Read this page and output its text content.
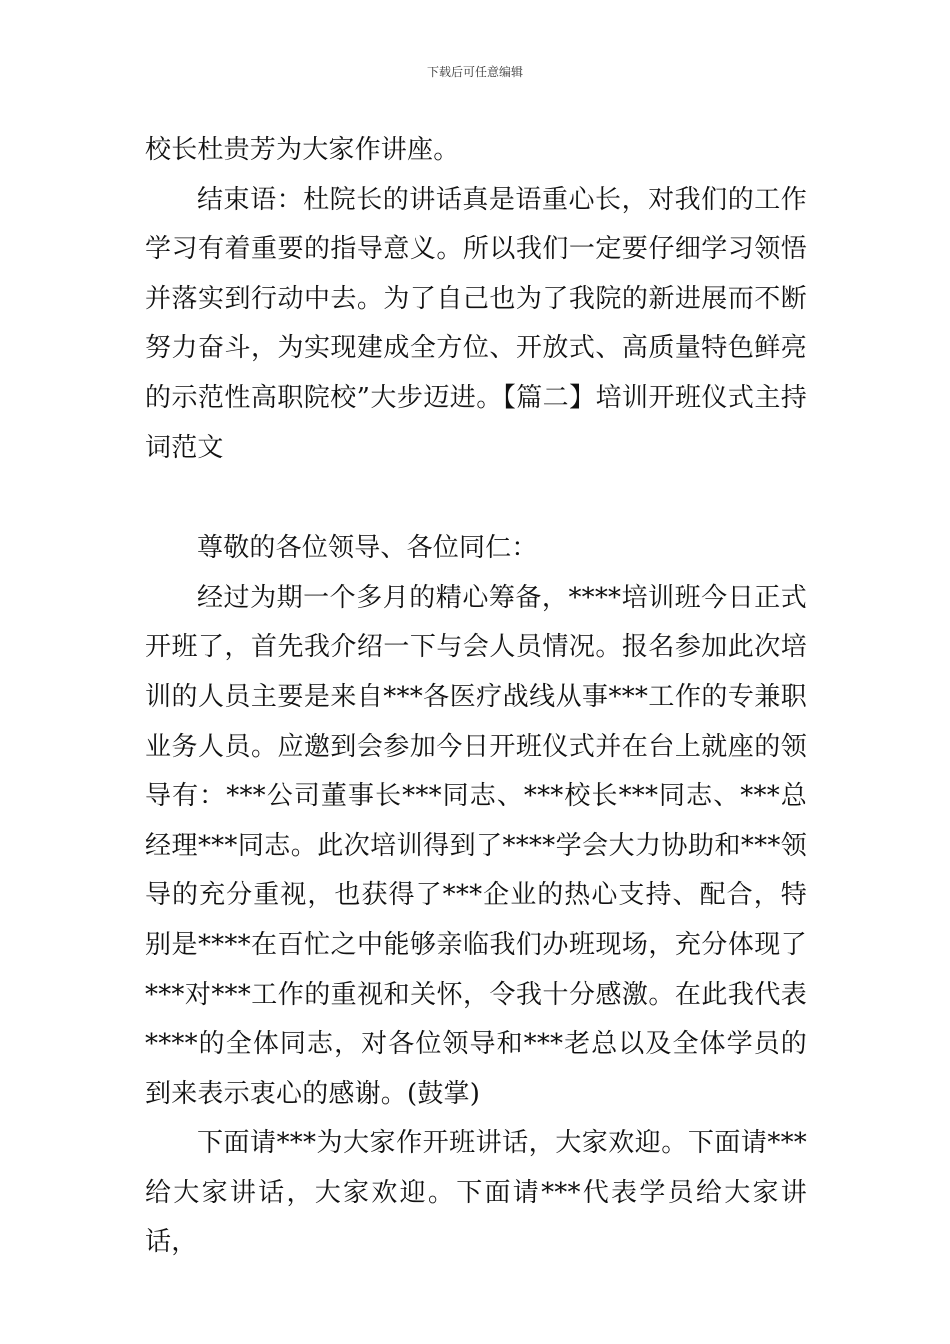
下载后可任意编辑

校长杜贵芳为大家作讲座。

结束语：杜院长的讲话真是语重心长，对我们的工作学习有着重要的指导意义。所以我们一定要仔细学习领悟并落实到行动中去。为了自己也为了我院的新进展而不断努力奋斗，为实现建成全方位、开放式、高质量特色鲜亮的示范性高职院校”大步迈进。【篇二】培训开班仪式主持词范文

尊敬的各位领导、各位同仁：

经过为期一个多月的精心筹备，****培训班今日正式开班了，首先我介绍一下与会人员情况。报名参加此次培训的人员主要是来自***各医疗战线从事***工作的专兼职业务人员。应邀到会参加今日开班仪式并在台上就座的领导有：***公司董事长***同志、***校长***同志、***总经理***同志。此次培训得到了****学会大力协助和***领导的充分重视，也获得了***企业的热心支持、配合，特别是****在百忙之中能够亲临我们办班现场，充分体现了***对***工作的重视和关怀，令我十分感激。在此我代表****的全体同志，对各位领导和***老总以及全体学员的到来表示衷心的感谢。(鼓掌)

下面请***为大家作开班讲话，大家欢迎。下面请***给大家讲话，大家欢迎。下面请***代表学员给大家讲话，
